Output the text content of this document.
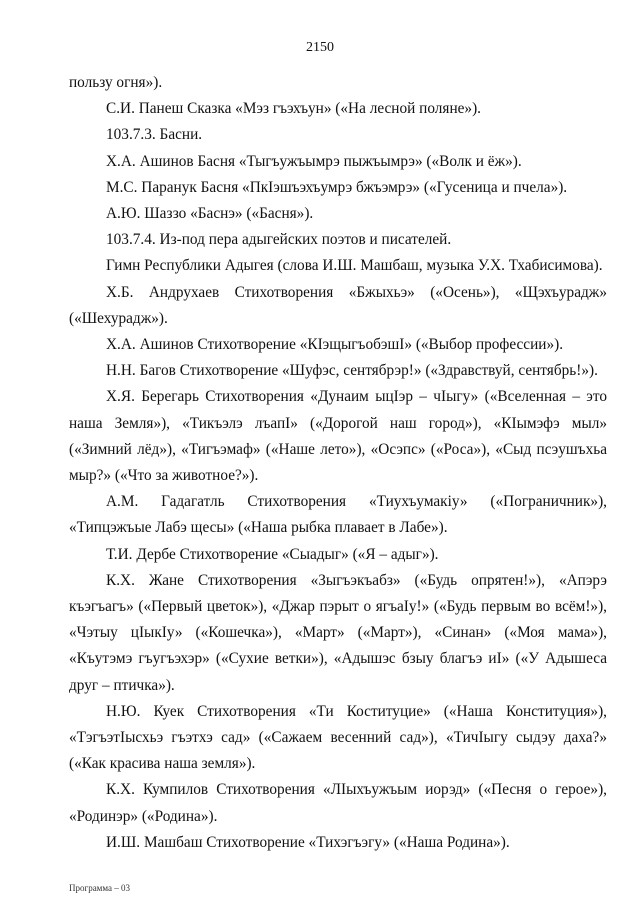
2150

пользу огня»).

С.И. Панеш Сказка «Мэз гъэхъун» («На лесной поляне»).

103.7.3. Басни.

Х.А. Ашинов Басня «Тыгъужъымрэ пыжъымрэ» («Волк и ёж»).

М.С. Паранук Басня «ПкIэшъэхъумрэ бжъэмрэ» («Гусеница и пчела»).

А.Ю. Шаззо «Баснэ» («Басня»).

103.7.4. Из-под пера адыгейских поэтов и писателей.

Гимн Республики Адыгея (слова И.Ш. Машбаш, музыка У.Х. Тхабисимова).

Х.Б. Андрухаев Стихотворения «Бжыхьэ» («Осень»), «Щэхъурадж» («Шехурадж»).

Х.А. Ашинов Стихотворение «КIэщыгъобэшI» («Выбор профессии»).

Н.Н. Багов Стихотворение «Шуфэс, сентябрэр!» («Здравствуй, сентябрь!»).

Х.Я. Берегарь Стихотворения «Дунаим ыцIэр – чIыгу» («Вселенная – это наша Земля»), «Тикъэлэ лъапI» («Дорогой наш город»), «КIымэфэ мыл» («Зимний лёд»), «Тигъэмаф» («Наше лето»), «Осэпс» («Роса»), «Сыд псэушъхьа мыр?» («Что за животное?»).

А.М. Гадагатль Стихотворения «Тиухъумакiу» («Пограничник»), «Типцэжъые Лабэ щесы» («Наша рыбка плавает в Лабе»).

Т.И. Дербе Стихотворение «Сыадыг» («Я – адыг»).

К.Х. Жане Стихотворения «Зыгъэкъабз» («Будь опрятен!»), «Апэрэ къэгъагъ» («Первый цветок»), «Джар пэрыт о ягъаIу!» («Будь первым во всём!»), «Чэтыу цIыкIу» («Кошечка»), «Март» («Март»), «Синан» («Моя мама»), «Къутэмэ гъугъэхэр» («Сухие ветки»), «Адышэс бзыу благъэ иI» («У Адышеса друг – птичка»).

Н.Ю. Куек Стихотворения «Ти Коституцие» («Наша Конституция»), «ТэгъэтIысхьэ гъэтхэ сад» («Сажаем весенний сад»), «ТичIыгу сыдэу даха?» («Как красива наша земля»).

К.Х. Кумпилов Стихотворения «ЛIыхъужъым иорэд» («Песня о герое»), «Родинэр» («Родина»).

И.Ш. Машбаш Стихотворение «Тихэгъэгу» («Наша Родина»).

Программа – 03
